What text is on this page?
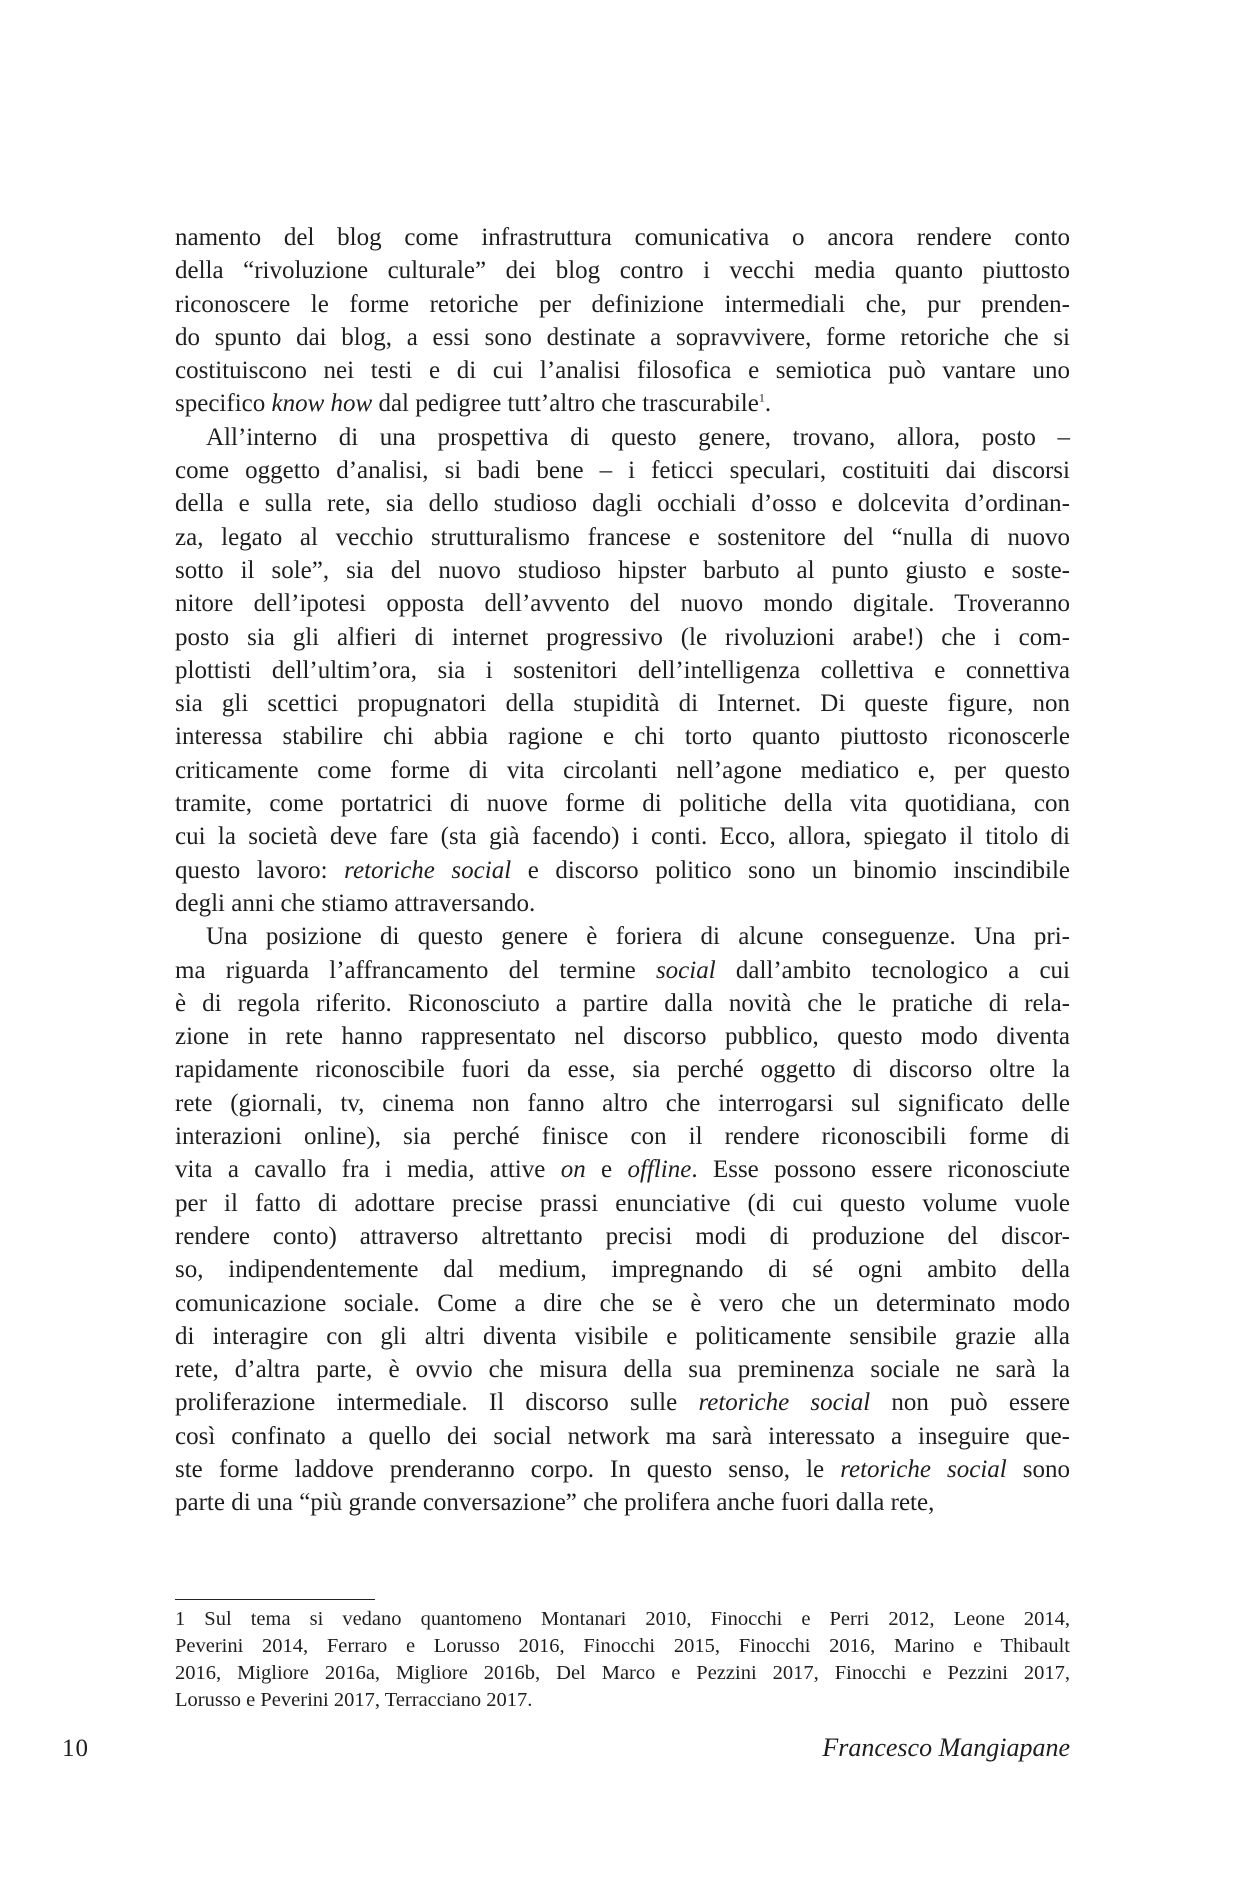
namento del blog come infrastruttura comunicativa o ancora rendere conto
della “rivoluzione culturale” dei blog contro i vecchi media quanto piuttosto
riconoscere le forme retoriche per definizione intermediali che, pur prenden-
do spunto dai blog, a essi sono destinate a sopravvivere, forme retoriche che si
costituiscono nei testi e di cui l’analisi filosofica e semiotica può vantare uno
specifico know how dal pedigree tutt’altro che trascurabile$^1$.

All’interno di una prospettiva di questo genere, trovano, allora, posto –
come oggetto d’analisi, si badi bene – i feticci speculari, costituiti dai discorsi
della e sulla rete, sia dello studioso dagli occhiali d’osso e dolcevita d’ordinan-
za, legato al vecchio strutturalismo francese e sostenitore del “nulla di nuovo
sotto il sole”, sia del nuovo studioso hipster barbuto al punto giusto e soste-
nitore dell’ipotesi opposta dell’avvento del nuovo mondo digitale. Troveranno
posto sia gli alfieri di internet progressivo (le rivoluzioni arabe!) che i com-
plottisti dell’ultim’ora, sia i sostenitori dell’intelligenza collettiva e connettiva
sia gli scettici propugnatori della stupidità di Internet. Di queste figure, non
interessa stabilire chi abbia ragione e chi torto quanto piuttosto riconoscerle
criticamente come forme di vita circolanti nell’agone mediatico e, per questo
tramite, come portatrici di nuove forme di politiche della vita quotidiana, con
cui la società deve fare (sta già facendo) i conti. Ecco, allora, spiegato il titolo di
questo lavoro: retoriche social e discorso politico sono un binomio inscindibile
degli anni che stiamo attraversando.

Una posizione di questo genere è foriera di alcune conseguenze. Una pri-
ma riguarda l’affrancamento del termine social dall’ambito tecnologico a cui
è di regola riferito. Riconosciuto a partire dalla novità che le pratiche di rela-
zione in rete hanno rappresentato nel discorso pubblico, questo modo diventa
rapidamente riconoscibile fuori da esse, sia perché oggetto di discorso oltre la
rete (giornali, tv, cinema non fanno altro che interrogarsi sul significato delle
interazioni online), sia perché finisce con il rendere riconoscibili forme di
vita a cavallo fra i media, attive on e offline. Esse possono essere riconosciute
per il fatto di adottare precise prassi enunciative (di cui questo volume vuole
rendere conto) attraverso altrettanto precisi modi di produzione del discor-
so, indipendentemente dal medium, impregnando di sé ogni ambito della
comunicazione sociale. Come a dire che se è vero che un determinato modo
di interagire con gli altri diventa visibile e politicamente sensibile grazie alla
rete, d’altra parte, è ovvio che misura della sua preminenza sociale ne sarà la
proliferazione intermediale. Il discorso sulle retoriche social non può essere
così confinato a quello dei social network ma sarà interessato a inseguire que-
ste forme laddove prenderanno corpo. In questo senso, le retoriche social sono
parte di una “più grande conversazione” che prolifera anche fuori dalla rete,

1 Sul tema si vedano quantomeno Montanari 2010, Finocchi e Perri 2012, Leone 2014,
Peverini 2014, Ferraro e Lorusso 2016, Finocchi 2015, Finocchi 2016, Marino e Thibault
2016, Migliore 2016a, Migliore 2016b, Del Marco e Pezzini 2017, Finocchi e Pezzini 2017,
Lorusso e Peverini 2017, Terracciano 2017.

10	Francesco Mangiapane
